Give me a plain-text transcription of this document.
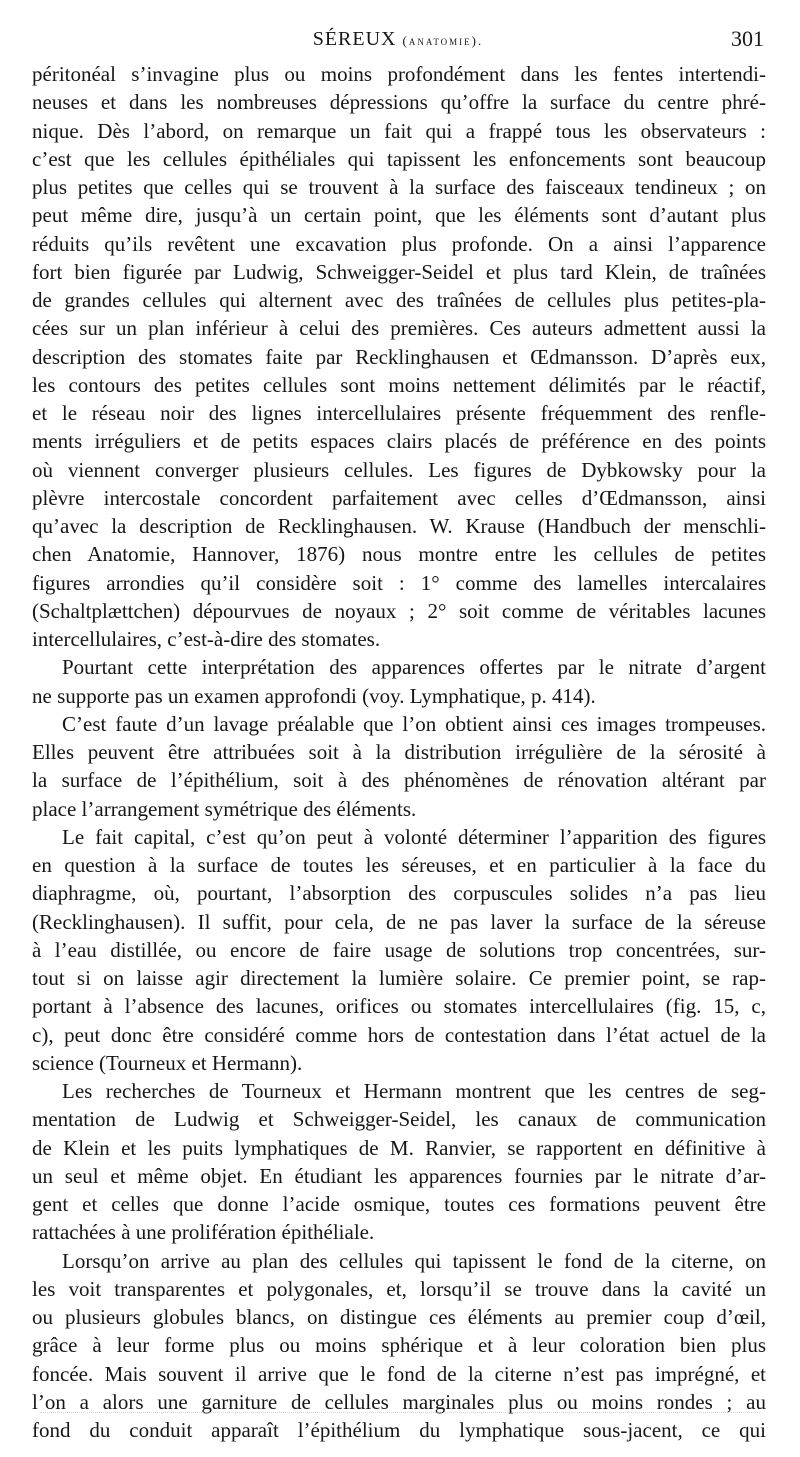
SÉREUX (anatomie).	301
péritonéal s’invagine plus ou moins profondément dans les fentes intertendi-
neuses et dans les nombreuses dépressions qu’offre la surface du centre phré-
nique. Dès l’abord, on remarque un fait qui a frappé tous les observateurs :
c’est que les cellules épithéliales qui tapissent les enfoncements sont beaucoup
plus petites que celles qui se trouvent à la surface des faisceaux tendineux ; on
peut même dire, jusqu’à un certain point, que les éléments sont d’autant plus
réduits qu’ils revêtent une excavation plus profonde. On a ainsi l’apparence
fort bien figurée par Ludwig, Schweigger-Seidel et plus tard Klein, de traînées
de grandes cellules qui alternent avec des traînées de cellules plus petites-pla-
cées sur un plan inférieur à celui des premières. Ces auteurs admettent aussi la
description des stomates faite par Recklinghausen et Œdmansson. D’après eux,
les contours des petites cellules sont moins nettement délimités par le réactif,
et le réseau noir des lignes intercellulaires présente fréquemment des renfle-
ments irréguliers et de petits espaces clairs placés de préférence en des points
où viennent converger plusieurs cellules. Les figures de Dybkowsky pour la
plèvre intercostale concordent parfaitement avec celles d’Œdmansson, ainsi
qu’avec la description de Recklinghausen. W. Krause (Handbuch der menschli-
chen Anatomie, Hannover, 1876) nous montre entre les cellules de petites
figures arrondies qu’il considère soit : 1° comme des lamelles intercalaires
(Schaltplættchen) dépourvues de noyaux ; 2° soit comme de véritables lacunes
intercellulaires, c’est-à-dire des stomates.
Pourtant cette interprétation des apparences offertes par le nitrate d’argent
ne supporte pas un examen approfondi (voy. Lymphatique, p. 414).
C’est faute d’un lavage préalable que l’on obtient ainsi ces images trompeuses.
Elles peuvent être attribuées soit à la distribution irrégulière de la sérosité à
la surface de l’épithélium, soit à des phénomènes de rénovation altérant par
place l’arrangement symétrique des éléments.
Le fait capital, c’est qu’on peut à volonté déterminer l’apparition des figures
en question à la surface de toutes les séreuses, et en particulier à la face du
diaphragme, où, pourtant, l’absorption des corpuscules solides n’a pas lieu
(Recklinghausen). Il suffit, pour cela, de ne pas laver la surface de la séreuse
à l’eau distillée, ou encore de faire usage de solutions trop concentrées, sur-
tout si on laisse agir directement la lumière solaire. Ce premier point, se rap-
portant à l’absence des lacunes, orifices ou stomates intercellulaires (fig. 15, c,
c), peut donc être considéré comme hors de contestation dans l’état actuel de la
science (Tourneux et Hermann).
Les recherches de Tourneux et Hermann montrent que les centres de seg-
mentation de Ludwig et Schweigger-Seidel, les canaux de communication
de Klein et les puits lymphatiques de M. Ranvier, se rapportent en définitive à
un seul et même objet. En étudiant les apparences fournies par le nitrate d’ar-
gent et celles que donne l’acide osmique, toutes ces formations peuvent être
rattachées à une prolifération épithéliale.
Lorsqu’on arrive au plan des cellules qui tapissent le fond de la citerne, on
les voit transparentes et polygonales, et, lorsqu’il se trouve dans la cavité un
ou plusieurs globules blancs, on distingue ces éléments au premier coup d’œil,
grâce à leur forme plus ou moins sphérique et à leur coloration bien plus
foncée. Mais souvent il arrive que le fond de la citerne n’est pas imprégné, et
l’on a alors une garniture de cellules marginales plus ou moins rondes ; au
fond du conduit apparaît l’épithélium du lymphatique sous-jacent, ce qui
